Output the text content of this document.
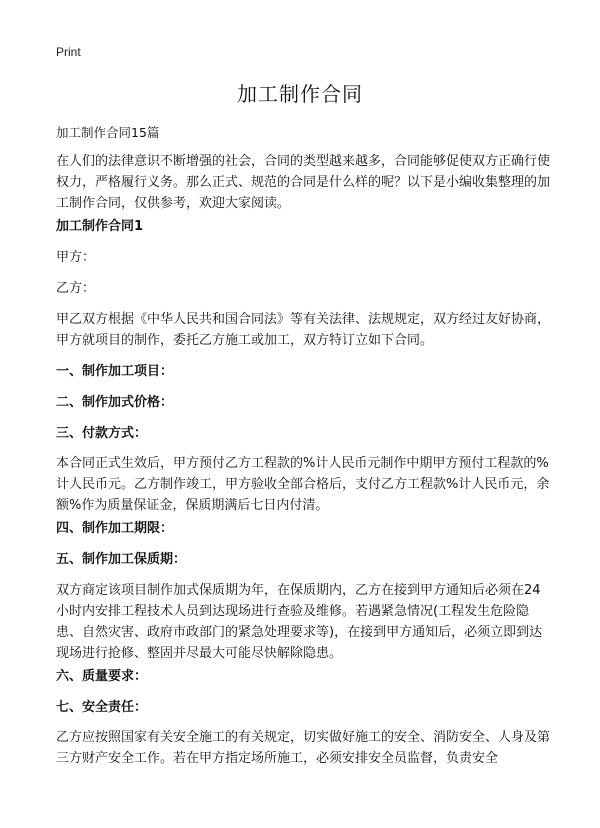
Print
加工制作合同

加工制作合同15篇

在人们的法律意识不断增强的社会，合同的类型越来越多，合同能够促使双方正确行使权力，严格履行义务。那么正式、规范的合同是什么样的呢？以下是小编收集整理的加工制作合同，仅供参考，欢迎大家阅读。

加工制作合同1

甲方：

乙方：

甲乙双方根据《中华人民共和国合同法》等有关法律、法规规定，双方经过友好协商，甲方就项目的制作，委托乙方施工或加工，双方特订立如下合同。

一、制作加工项目：

二、制作加式价格：

三、付款方式：

本合同正式生效后，甲方预付乙方工程款的%计人民币元制作中期甲方预付工程款的%计人民币元。乙方制作竣工，甲方验收全部合格后，支付乙方工程款%计人民币元，余额%作为质量保证金，保质期满后七日内付清。

四、制作加工期限：

五、制作加工保质期：

双方商定该项目制作加式保质期为年，在保质期内，乙方在接到甲方通知后必须在24小时内安排工程技术人员到达现场进行查验及维修。若遇紧急情况(工程发生危险隐患、自然灾害、政府市政部门的紧急处理要求等)，在接到甲方通知后，必须立即到达现场进行抢修、整固并尽最大可能尽快解除隐患。

六、质量要求：

七、安全责任：

乙方应按照国家有关安全施工的有关规定，切实做好施工的安全、消防安全、人身及第三方财产安全工作。若在甲方指定场所施工，必须安排安全员监督，负责安全
